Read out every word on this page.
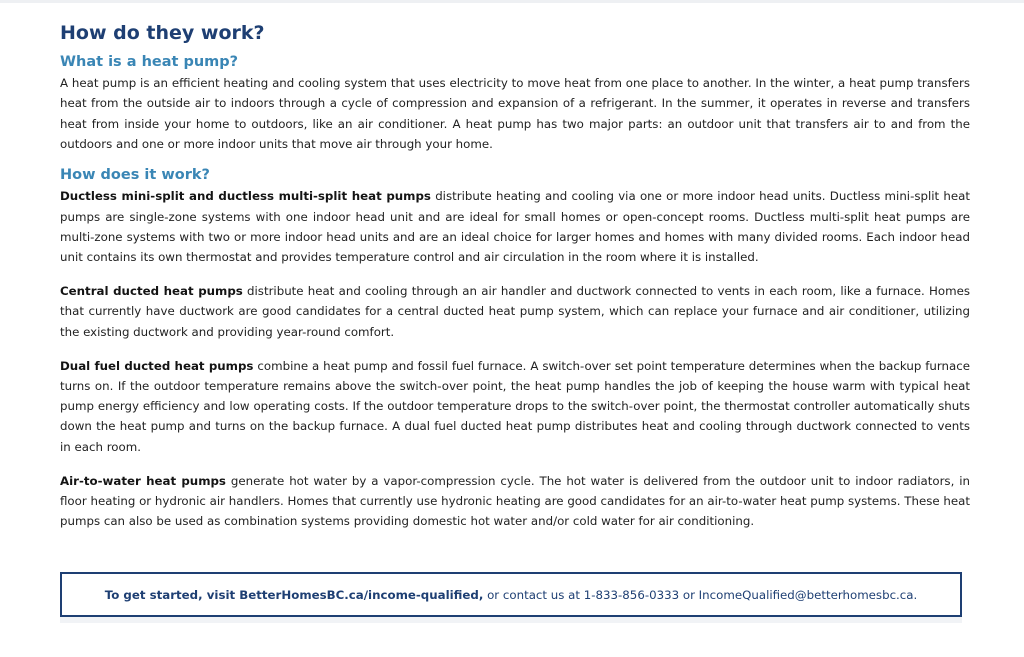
How do they work?
What is a heat pump?

A heat pump is an efficient heating and cooling system that uses electricity to move heat from one place to another. In the winter, a heat pump transfers heat from the outside air to indoors through a cycle of compression and expansion of a refrigerant. In the summer, it operates in reverse and transfers heat from inside your home to outdoors, like an air conditioner. A heat pump has two major parts: an outdoor unit that transfers air to and from the outdoors and one or more indoor units that move air through your home.

How does it work?

Ductless mini-split and ductless multi-split heat pumps distribute heating and cooling via one or more indoor head units. Ductless mini-split heat pumps are single-zone systems with one indoor head unit and are ideal for small homes or open-concept rooms. Ductless multi-split heat pumps are multi-zone systems with two or more indoor head units and are an ideal choice for larger homes and homes with many divided rooms. Each indoor head unit contains its own thermostat and provides temperature control and air circulation in the room where it is installed.

Central ducted heat pumps distribute heat and cooling through an air handler and ductwork connected to vents in each room, like a furnace. Homes that currently have ductwork are good candidates for a central ducted heat pump system, which can replace your furnace and air conditioner, utilizing the existing ductwork and providing year-round comfort.

Dual fuel ducted heat pumps combine a heat pump and fossil fuel furnace. A switch-over set point temperature determines when the backup furnace turns on. If the outdoor temperature remains above the switch-over point, the heat pump handles the job of keeping the house warm with typical heat pump energy efficiency and low operating costs. If the outdoor temperature drops to the switch-over point, the thermostat controller automatically shuts down the heat pump and turns on the backup furnace. A dual fuel ducted heat pump distributes heat and cooling through ductwork connected to vents in each room.

Air-to-water heat pumps generate hot water by a vapor-compression cycle. The hot water is delivered from the outdoor unit to indoor radiators, in floor heating or hydronic air handlers. Homes that currently use hydronic heating are good candidates for an air-to-water heat pump systems. These heat pumps can also be used as combination systems providing domestic hot water and/or cold water for air conditioning.

To get started, visit BetterHomesBC.ca/income-qualified, or contact us at 1-833-856-0333 or IncomeQualified@betterhomesbc.ca.
